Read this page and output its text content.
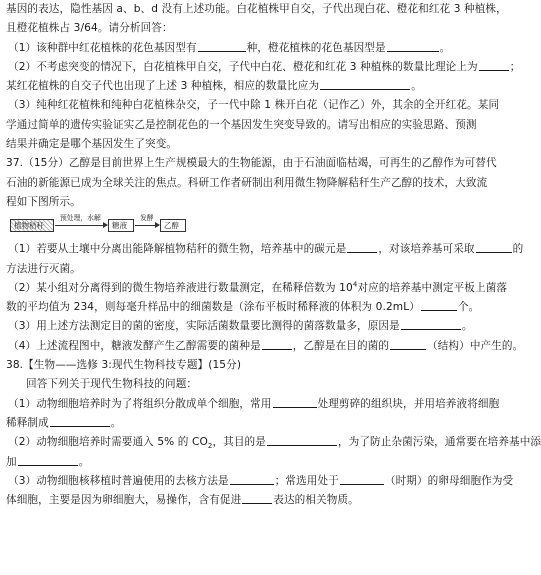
基因的表达，隐性基因 a、b、d 没有上述功能。白花植株甲自交，子代出现白花、橙花和红花 3 种植株，
且橙花植株占 3/64。请分析回答：
（1）该种群中红花植株的花色基因型有	种，橙花植株的花色基因型是	。
（2）不考虑突变的情况下，白花植株甲自交，子代中白花、橙花和红花 3 种植株的数量比理论上为	；
某红花植株的自交子代也出现了上述 3 种植株，相应的数量比应为	。
（3）纯种红花植株和纯种白花植株杂交，子一代中除 1 株开白花（记作乙）外，其余的全开红花。某同
学通过简单的遗传实验证实乙是控制花色的一个基因发生突变导致的。请写出相应的实验思路、预测
结果并确定是哪个基因发生了突变。
37.（15分）乙醇是目前世界上生产规模最大的生物能源，由于石油面临枯竭，可再生的乙醇作为可替代
石油的新能源已成为全球关注的焦点。科研工作者研制出利用微生物降解秸秆生产乙醇的技术，大致流
程如下图所示。
植物秸秆
预处理，水解
糖液
发酵
乙醇
（1）若要从土壤中分离出能降解植物秸秆的微生物，培养基中的碳元是	，对该培养基可采取	的
方法进行灭菌。
（2）某小组对分离得到的微生物培养液进行数量测定，在稀释倍数为 $10^4$对应的培养基中测定平板上菌落
数的平均值为 234，则每毫升样品中的细菌数是（涂布平板时稀释液的体积为 0.2mL）	个。
（3）用上述方法测定目的菌的密度，实际活菌数量要比测得的菌落数量多，原因是	。
（4）上述流程图中，糖液发酵产生乙醇需要的菌种是	，乙醇是在目的菌的	（结构）中产生的。
38.【生物——选修 3:现代生物科技专题】(15分)
回答下列关于现代生物科技的问题：
（1）动物细胞培养时为了将组织分散成单个细胞，常用	处理剪碎的组织块，并用培养液将细胞
稀释制成	。
（2）动物细胞培养时需要通入 5% 的 $CO_2$，其目的是	，为了防止杂菌污染，通常要在培养基中添
加	。
（3）动物细胞核移植时普遍使用的去核方法是	；常选用处于	（时期）的卵母细胞作为受
体细胞，主要是因为卵细胞大，易操作，含有促进	表达的相关物质。
